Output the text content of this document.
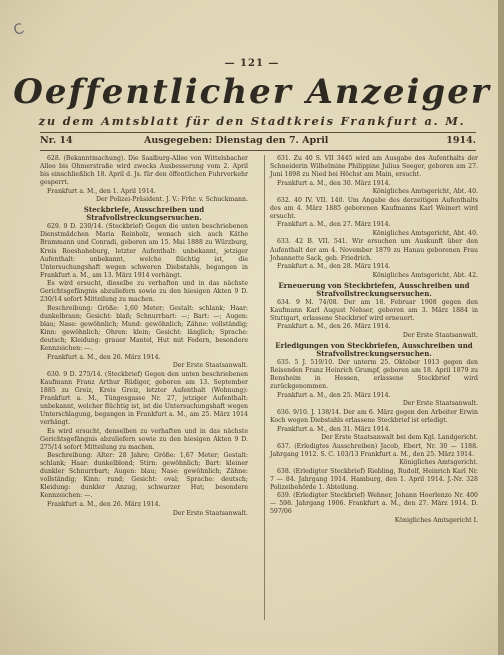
C
— 121 —
Oeffentlicher Anzeiger
zu dem Amtsblatt für den Stadtkreis Frankfurt a. M.
Nr. 14	Ausgegeben: Dienstag den 7. April	1914.

628. (Bekanntmachung). Die Saalburg-Allee von Wittelsbacher Allee bis Ohmerstraße wird zwecks Ausbesserung vom 2. April bis einschließlich 18. April d. Js. für den öffentlichen Fuhrverkehr gesperrt.

Frankfurt a. M., den 1. April 1914.

Der Polizei-Präsident. J. V.: Frhr. v. Schuckmann.

Steckbriefe, Ausschreiben und Strafvollstreckungsersuchen.

629. 9 D. 230/14. (Steckbrief) Gegen die unten beschriebenen Dienstmädchen Maria Reinholz, wonach sich auch Käthe Brammann und Conradi, geboren am 15. Mai 1888 zu Würzburg, Kreis Roeshaheburg, letzter Aufenthalt: unbekannt, jetziger Aufenthalt: unbekannt, welche flüchtig ist, die Untersuchungshaft wegen schweren Diebstahls, begangen in Frankfurt a. M., am 13. März 1914 verhängt.

Es wird ersucht, dieselbe zu verhaften und in das nächste Gerichtsgefängnis abzuliefern sowie zu den hiesigen Akten 9 D. 230/14 sofort Mitteilung zu machen.

Beschreibung: Größe: 1,60 Meter; Gestalt: schlank; Haar: dunkelbraun; Gesicht: blaß; Schnurrbart: —; Bart: —; Augen: blau; Nase: gewöhnlich; Mund: gewöhnlich; Zähne: vollständig; Kinn: gewöhnlich; Ohren: klein; Gesicht: länglich; Sprache: deutsch; Kleidung: grauer Mantel, Hut mit Federn, besondere Kennzeichen: —.

Frankfurt a. M., den 26. März 1914.

Der Erste Staatsanwalt.

630. 9 D. 275/14. (Steckbrief) Gegen den unten beschriebenen Kaufmann Franz Arthur Rüdiger, geboren am 13. September 1885 zu Greiz, Kreis Greiz, letzter Aufenthalt (Wohnung): Frankfurt a. M., Tüngesgasse Nr. 27, jetziger Aufenthalt: unbekannt, welcher flüchtig ist, ist die Untersuchungshaft wegen Unterschlagung, begangen in Frankfurt a. M., am 25. März 1914 verhängt.

Es wird ersucht, denselben zu verhaften und in das nächste Gerichtsgefängnis abzuliefern sowie zu den hiesigen Akten 9 D. 275/14 sofort Mitteilung zu machen.

Beschreibung: Alter: 28 Jahre; Größe: 1,67 Meter; Gestalt: schlank; Haar: dunkelblond; Stirn: gewöhnlich; Bart: kleiner dunkler Schnurrbart; Augen: blau; Nase: gewöhnlich; Zähne: vollständig; Kinn: rund; Gesicht: oval; Sprache: deutsch; Kleidung: dunkler Anzug, schwarzer Hut; besondere Kennzeichen: —.

Frankfurt a. M., den 26. März 1914.

Der Erste Staatsanwalt.

631. Zu 40 S. VII 3445 wird am Ausgabe des Aufenthalts der Schneiderin Wilhelmine Philippine Julius Seeger, geboren am 27. Juni 1898 zu Nied bei Höchst am Main, ersucht.

Frankfurt a. M., den 30. März 1914.

Königliches Amtsgericht, Abt. 40.

632. 40 IV. VII. 140. Um Angabe des derzeitigen Aufenthalts des am 4. März 1885 geborenen Kaufmanns Karl Weinert wird ersucht.

Frankfurt a. M., den 27. März 1914.

Königliches Amtsgericht, Abt. 40.

633. 42 B. VII. 541. Wir ersuchen um Auskunft über den Aufenthalt der am 4. November 1879 zu Hanau geborenen Frau Johannette Sack, geb. Friedrich.

Frankfurt a. M., den 28. März 1914.

Königliches Amtsgericht, Abt. 42.

Erneuerung von Steckbriefen, Ausschreiben und Strafvollstreckungsersuchen.

634. 9 M. 74/08. Der am 18. Februar 1908 gegen den Kaufmann Karl August Nehser, geboren am 3. März 1884 in Stuttgart, erlassene Steckbrief wird erneuert.

Frankfurt a. M., den 26. März 1914.

Der Erste Staatsanwalt.

Erledigungen von Steckbriefen, Ausschreiben und Strafvollstreckungsersuchen.

635. 5 J. 519/10. Der unterm 25. Oktober 1913 gegen den Reisenden Franz Heinrich Grumpf, geboren am 18. April 1879 zu Bensheim in Hessen, erlassene Steckbrief wird zurückgenommen.

Frankfurt a. M., den 25. März 1914.

Der Erste Staatsanwalt.

636. 9/10. J. 138/14. Der am 6. März gegen den Arbeiter Erwin Koch wegen Diebstahls erlassene Steckbrief ist erledigt.

Frankfurt a. M., den 31. März 1914.

Der Erste Staatsanwalt bei dem Kgl. Landgericht.

637. (Erledigtes Ausschreiben) Jacob, Ebert, Nr. 30 — 1188. Jahrgang 1912. S. C. 103/13 Frankfurt a. M., den 25. März 1914.

Königliches Amtsgericht.

638. (Erledigter Steckbrief) Riebling, Rudolf, Heinrich Karl Nr. 7 — 84. Jahrgang 1914. Hamburg, den 1. April 1914. J.-Nr. 328 Polizeibehörde 1. Abteilung.

639. (Erledigter Steckbrief) Wehner, Johann Hoerlenzo Nr. 400 — 598. Jahrgang 1906. Frankfurt a. M., den 27. März 1914. D. 597/06

Königliches Amtsgericht I.
